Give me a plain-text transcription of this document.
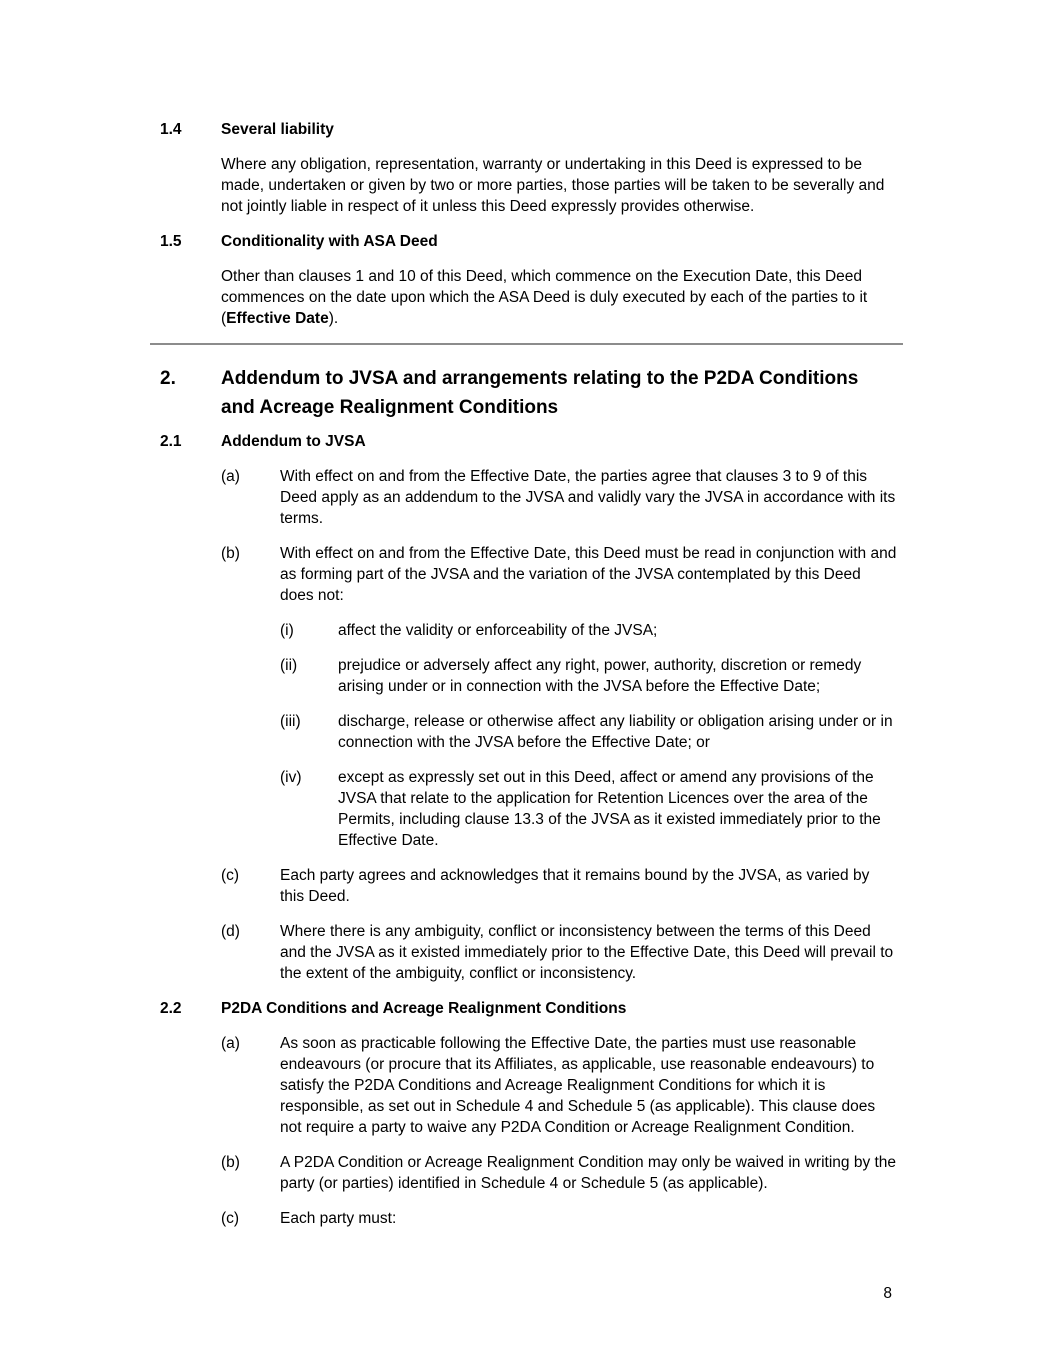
1.4	Several liability

Where any obligation, representation, warranty or undertaking in this Deed is expressed to be made, undertaken or given by two or more parties, those parties will be taken to be severally and not jointly liable in respect of it unless this Deed expressly provides otherwise.

1.5	Conditionality with ASA Deed

Other than clauses 1 and 10 of this Deed, which commence on the Execution Date, this Deed commences on the date upon which the ASA Deed is duly executed by each of the parties to it (Effective Date).

2.	Addendum to JVSA and arrangements relating to the P2DA Conditions and Acreage Realignment Conditions
2.1	Addendum to JVSA
(a)	With effect on and from the Effective Date, the parties agree that clauses 3 to 9 of this Deed apply as an addendum to the JVSA and validly vary the JVSA in accordance with its terms.
(b)	With effect on and from the Effective Date, this Deed must be read in conjunction with and as forming part of the JVSA and the variation of the JVSA contemplated by this Deed does not:
(i)	affect the validity or enforceability of the JVSA;
(ii)	prejudice or adversely affect any right, power, authority, discretion or remedy arising under or in connection with the JVSA before the Effective Date;
(iii)	discharge, release or otherwise affect any liability or obligation arising under or in connection with the JVSA before the Effective Date; or
(iv)	except as expressly set out in this Deed, affect or amend any provisions of the JVSA that relate to the application for Retention Licences over the area of the Permits, including clause 13.3 of the JVSA as it existed immediately prior to the Effective Date.
(c)	Each party agrees and acknowledges that it remains bound by the JVSA, as varied by this Deed.
(d)	Where there is any ambiguity, conflict or inconsistency between the terms of this Deed and the JVSA as it existed immediately prior to the Effective Date, this Deed will prevail to the extent of the ambiguity, conflict or inconsistency.
2.2	P2DA Conditions and Acreage Realignment Conditions
(a)	As soon as practicable following the Effective Date, the parties must use reasonable endeavours (or procure that its Affiliates, as applicable, use reasonable endeavours) to satisfy the P2DA Conditions and Acreage Realignment Conditions for which it is responsible, as set out in Schedule 4 and Schedule 5 (as applicable). This clause does not require a party to waive any P2DA Condition or Acreage Realignment Condition.
(b)	A P2DA Condition or Acreage Realignment Condition may only be waived in writing by the party (or parties) identified in Schedule 4 or Schedule 5 (as applicable).
(c)	Each party must:
8
